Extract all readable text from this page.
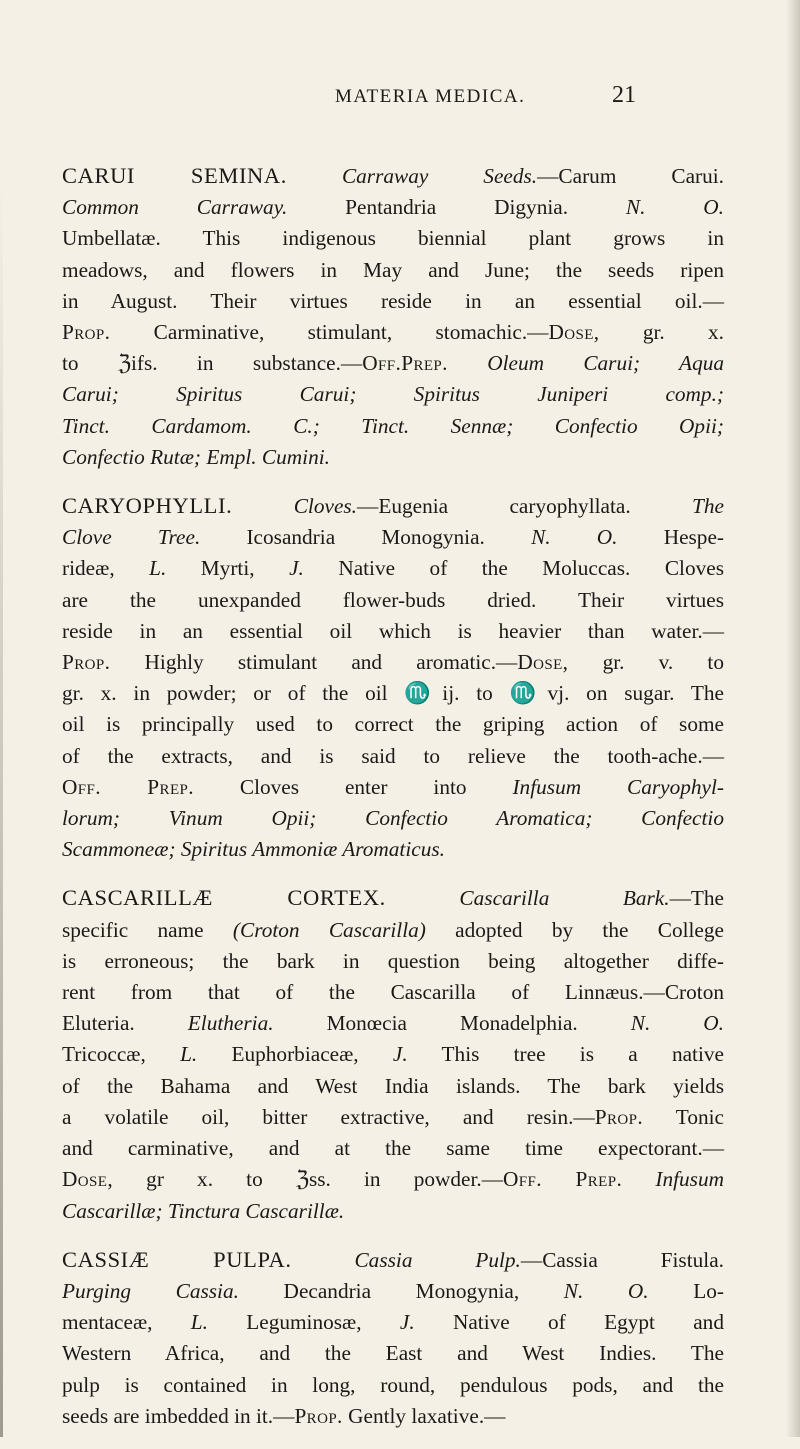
MATERIA MEDICA.	21

CARUI SEMINA.	Carraway Seeds.—Carum Carui.
Common Carraway. Pentandria Digynia. N. O.
Umbellatæ. This indigenous biennial plant grows in
meadows, and flowers in May and June; the seeds ripen
in August. Their virtues reside in an essential oil.—
Prop. Carminative, stimulant, stomachic.—Dose, gr. x.
to ℨifs. in substance.—Off.Prep. Oleum Carui; Aqua
Carui; Spiritus Carui; Spiritus Juniperi comp.;
Tinct. Cardamom. C.; Tinct. Sennæ; Confectio Opii;
Confectio Rutæ; Empl. Cumini.

CARYOPHYLLI.	Cloves.—Eugenia caryophyllata. The
Clove Tree. Icosandria Monogynia. N. O. Hespe-
rideæ, L. Myrti, J. Native of the Moluccas. Cloves
are the unexpanded flower-buds dried. Their virtues
reside in an essential oil which is heavier than water.—
Prop. Highly stimulant and aromatic.—Dose, gr. v. to
gr. x. in powder; or of the oil ♏ij. to ♏vj. on sugar. The
oil is principally used to correct the griping action of some
of the extracts, and is said to relieve the tooth-ache.—
Off. Prep. Cloves enter into Infusum Caryophyl-
lorum; Vinum Opii; Confectio Aromatica; Confectio
Scammoneæ; Spiritus Ammoniæ Aromaticus.

CASCARILLÆ CORTEX.	Cascarilla Bark.—The
specific name (Croton Cascarilla) adopted by the College
is erroneous; the bark in question being altogether diffe-
rent from that of the Cascarilla of Linnæus.—Croton
Eluteria. Elutheria. Monœcia Monadelphia. N. O.
Tricoccæ, L. Euphorbiaceæ, J. This tree is a native
of the Bahama and West India islands. The bark yields
a volatile oil, bitter extractive, and resin.—Prop. Tonic
and carminative, and at the same time expectorant.—
Dose, gr x. to ℨss. in powder.—Off. Prep. Infusum
Cascarillæ; Tinctura Cascarillæ.

CASSIÆ PULPA.	Cassia Pulp.—Cassia Fistula.
Purging Cassia. Decandria Monogynia, N. O. Lo-
mentaceæ, L. Leguminosæ, J. Native of Egypt and
Western Africa, and the East and West Indies. The
pulp is contained in long, round, pendulous pods, and the
seeds are imbedded in it.—Prop. Gently laxative.—
